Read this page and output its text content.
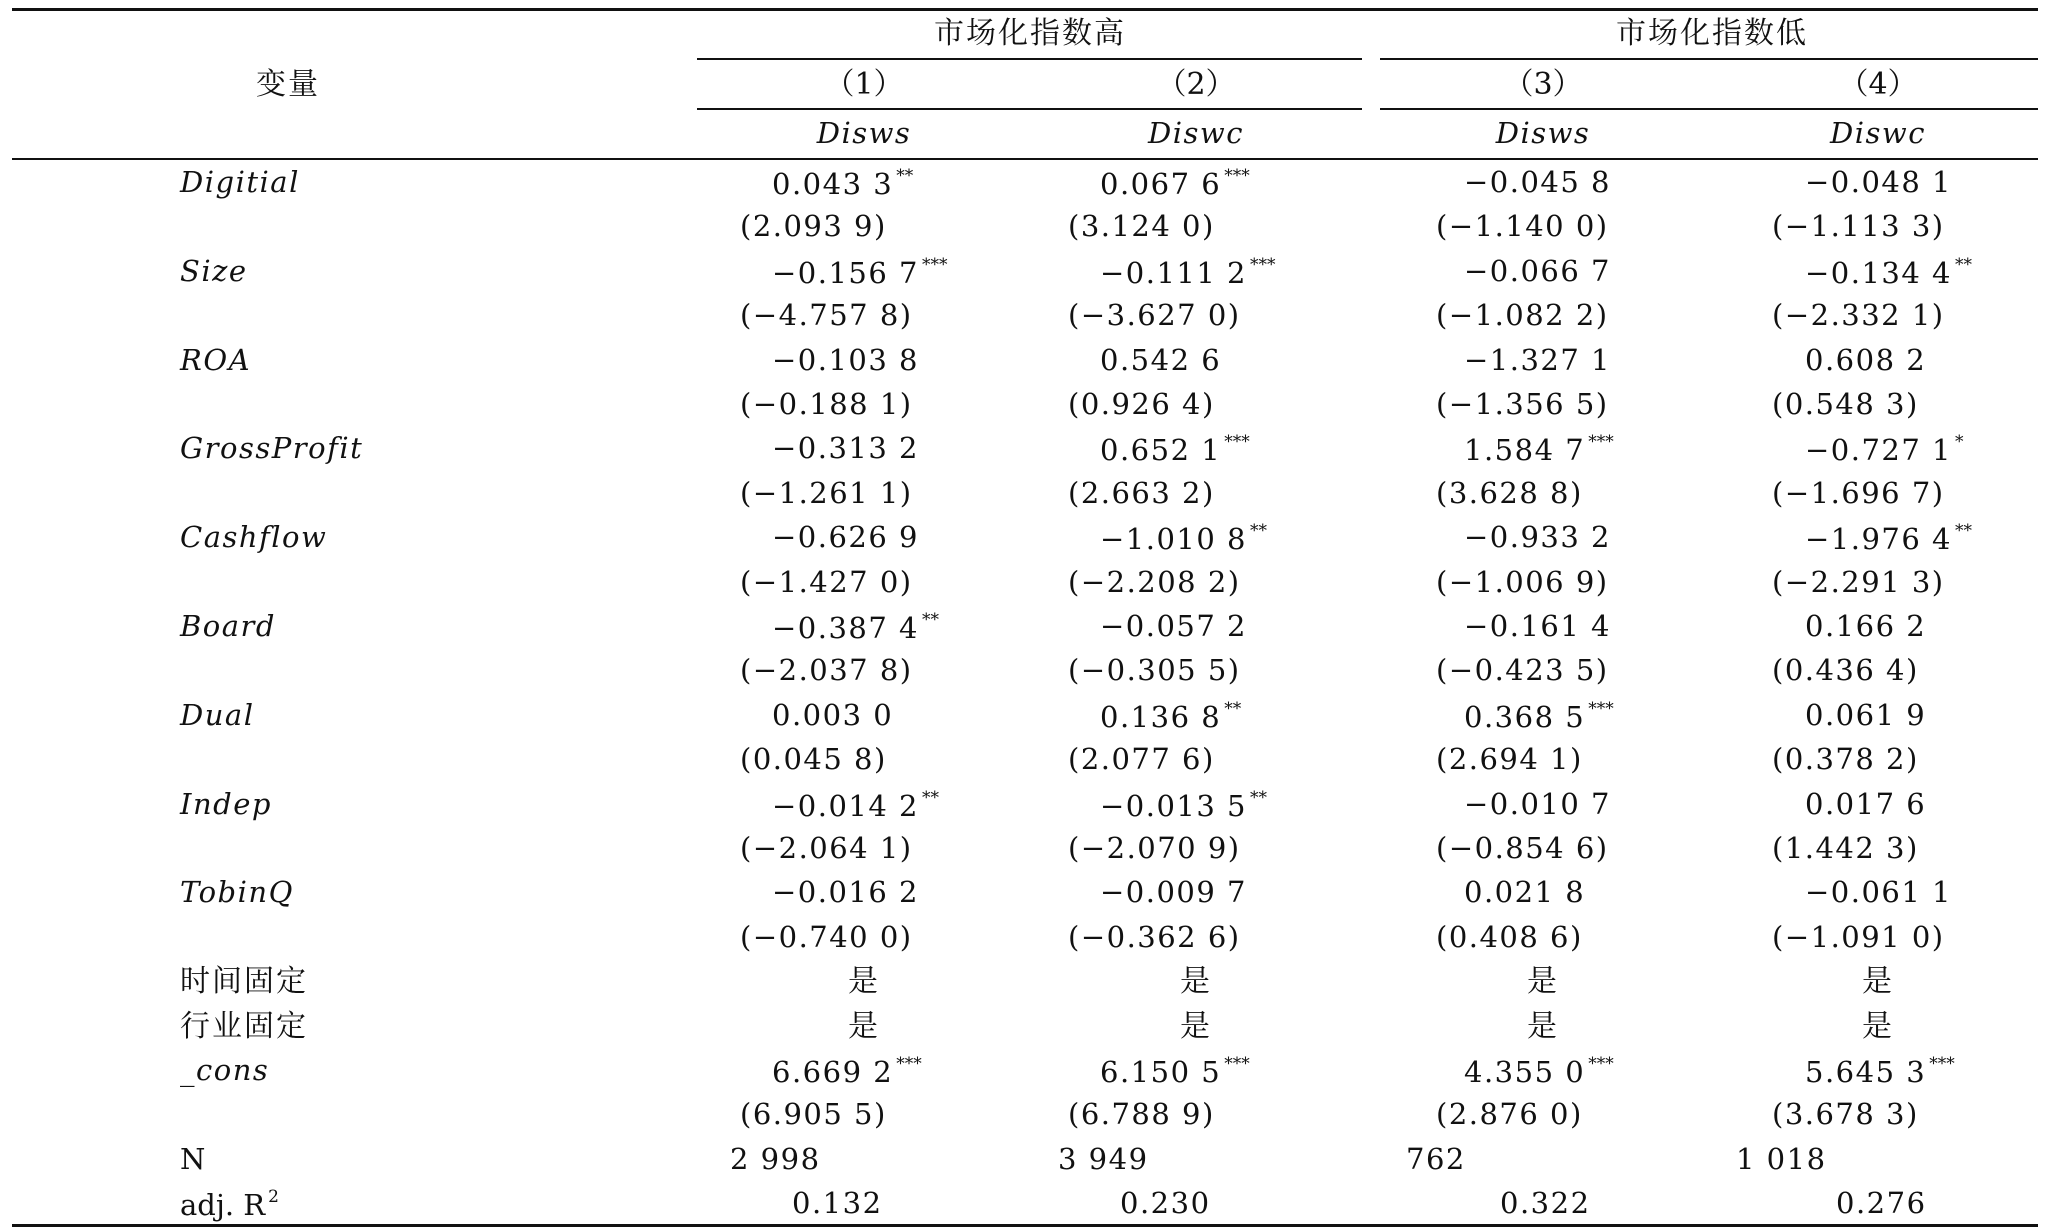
变量
市场化指数高	市场化指数低
（1）	（2）	（3）	（4）
Disws	Diswc	Disws	Diswc
Digitial	0.043 3 **	0.067 6 ***	−0.045 8	−0.048 1
(2.093 9)	(3.124 0)	(−1.140 0)	(−1.113 3)
Size	−0.156 7 ***	−0.111 2 ***	−0.066 7	−0.134 4 **
(−4.757 8)	(−3.627 0)	(−1.082 2)	(−2.332 1)
ROA	−0.103 8	0.542 6	−1.327 1	0.608 2
(−0.188 1)	(0.926 4)	(−1.356 5)	(0.548 3)
GrossProfit	−0.313 2	0.652 1 ***	1.584 7 ***	−0.727 1 *
(−1.261 1)	(2.663 2)	(3.628 8)	(−1.696 7)
Cashflow	−0.626 9	−1.010 8 **	−0.933 2	−1.976 4 **
(−1.427 0)	(−2.208 2)	(−1.006 9)	(−2.291 3)
Board	−0.387 4 **	−0.057 2	−0.161 4	0.166 2
(−2.037 8)	(−0.305 5)	(−0.423 5)	(0.436 4)
Dual	0.003 0	0.136 8 **	0.368 5 ***	0.061 9
(0.045 8)	(2.077 6)	(2.694 1)	(0.378 2)
Indep	−0.014 2 **	−0.013 5 **	−0.010 7	0.017 6
(−2.064 1)	(−2.070 9)	(−0.854 6)	(1.442 3)
TobinQ	−0.016 2	−0.009 7	0.021 8	−0.061 1
(−0.740 0)	(−0.362 6)	(0.408 6)	(−1.091 0)
时间固定	是	是	是	是
行业固定	是	是	是	是
_cons	6.669 2 ***	6.150 5 ***	4.355 0 ***	5.645 3 ***
(6.905 5)	(6.788 9)	(2.876 0)	(3.678 3)
N	2 998	3 949	762	1 018
adj. R $^2$	0.132	0.230	0.322	0.276
